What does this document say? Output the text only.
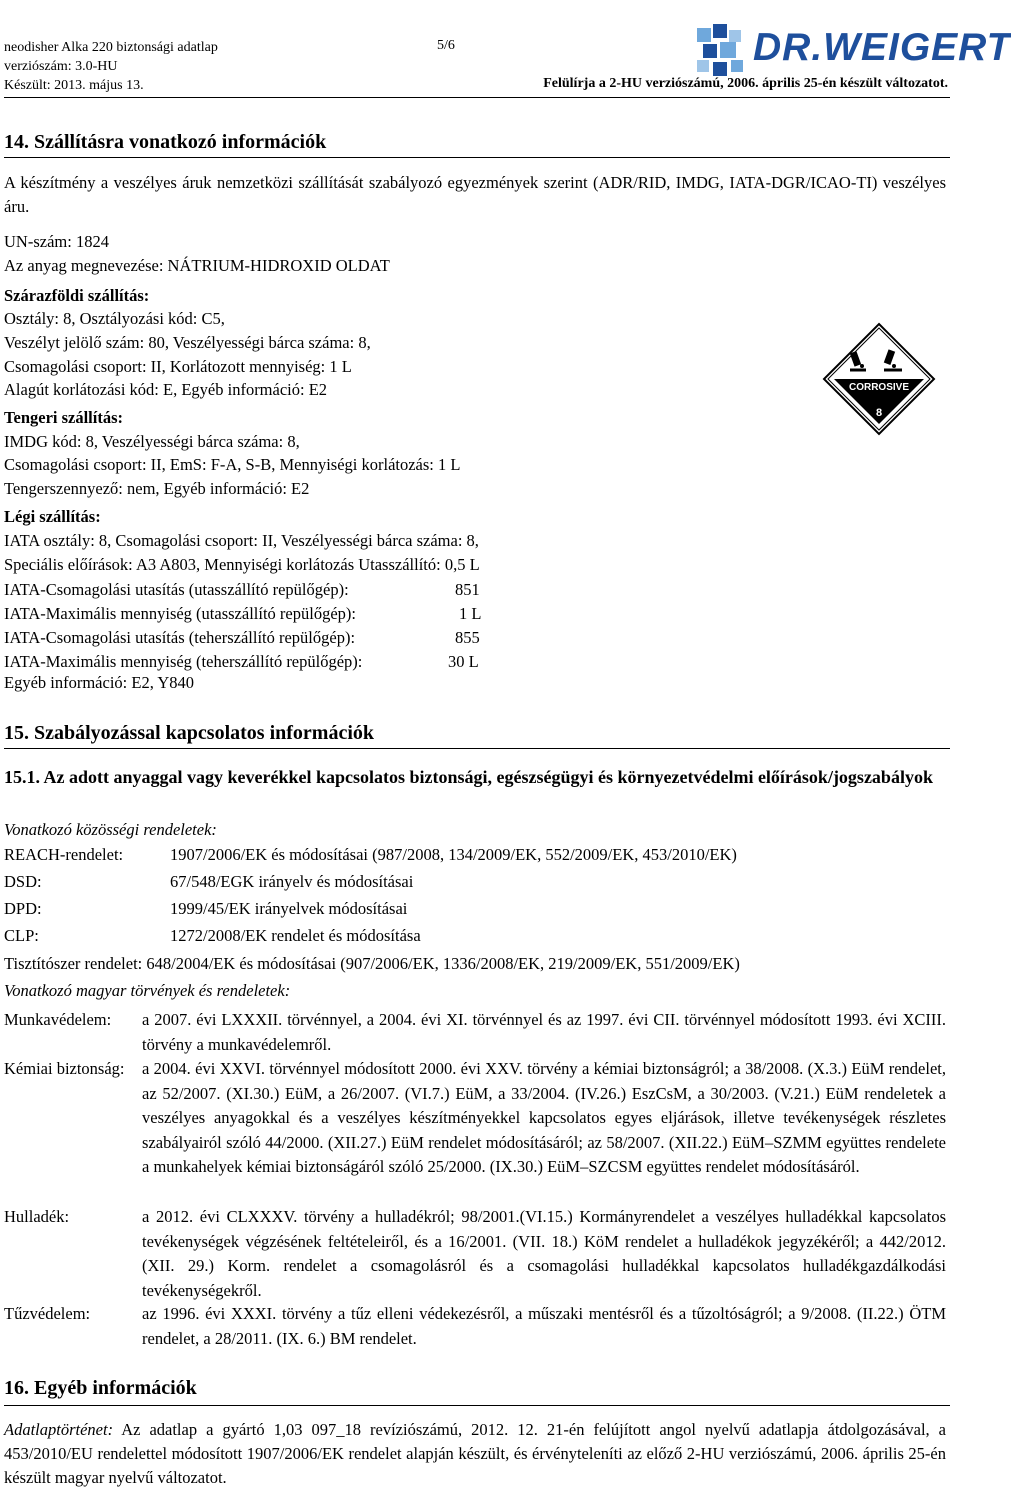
neodisher Alka 220 biztonsági adatlap
verziószám: 3.0-HU
Készült: 2013. május 13.
5/6
Felülírja a 2-HU verziószámú, 2006. április 25-én készült változatot.
DR.WEIGERT
14. Szállításra vonatkozó információk
A készítmény a veszélyes áruk nemzetközi szállítását szabályozó egyezmények szerint (ADR/RID, IMDG, IATA-DGR/ICAO-TI) veszélyes áru.
UN-szám: 1824
Az anyag megnevezése: NÁTRIUM-HIDROXID OLDAT
Szárazföldi szállítás:
Osztály: 8, Osztályozási kód: C5,
Veszélyt jelölő szám: 80, Veszélyességi bárca száma: 8,
Csomagolási csoport: II, Korlátozott mennyiség: 1 L
Alagút korlátozási kód: E, Egyéb információ: E2
Tengeri szállítás:
IMDG kód: 8, Veszélyességi bárca száma: 8,
Csomagolási csoport: II, EmS: F-A, S-B, Mennyiségi korlátozás: 1 L
Tengerszennyező: nem, Egyéb információ: E2
Légi szállítás:
IATA osztály: 8, Csomagolási csoport: II, Veszélyességi bárca száma: 8,
Speciális előírások: A3 A803, Mennyiségi korlátozás Utasszállító: 0,5 L
IATA-Csomagolási utasítás (utasszállító repülőgép):	851
IATA-Maximális mennyiség (utasszállító repülőgép):	1 L
IATA-Csomagolási utasítás (teherszállító repülőgép):	855
IATA-Maximális mennyiség (teherszállító repülőgép):	30 L
Egyéb információ: E2, Y840
CORROSIVE
8
15. Szabályozással kapcsolatos információk
15.1. Az adott anyaggal vagy keverékkel kapcsolatos biztonsági, egészségügyi és környezetvédelmi előírások/jogszabályok
Vonatkozó közösségi rendeletek:
REACH-rendelet:	1907/2006/EK és módosításai (987/2008, 134/2009/EK, 552/2009/EK, 453/2010/EK)
DSD:	67/548/EGK irányelv és módosításai
DPD:	1999/45/EK irányelvek módosításai
CLP:	1272/2008/EK rendelet és módosítása
Tisztítószer rendelet: 648/2004/EK és módosításai (907/2006/EK, 1336/2008/EK, 219/2009/EK, 551/2009/EK)
Vonatkozó magyar törvények és rendeletek:
Munkavédelem: a 2007. évi LXXXII. törvénnyel, a 2004. évi XI. törvénnyel és az 1997. évi CII. törvénnyel módosított 1993. évi XCIII. törvény a munkavédelemről.
Kémiai biztonság: a 2004. évi XXVI. törvénnyel módosított 2000. évi XXV. törvény a kémiai biztonságról; a 38/2008. (X.3.) EüM rendelet, az 52/2007. (XI.30.) EüM, a 26/2007. (VI.7.) EüM, a 33/2004. (IV.26.) EszCsM, a 30/2003. (V.21.) EüM rendeletek a veszélyes anyagokkal és a veszélyes készítményekkel kapcsolatos egyes eljárások, illetve tevékenységek részletes szabályairól szóló 44/2000. (XII.27.) EüM rendelet módosításáról; az 58/2007. (XII.22.) EüM–SZMM együttes rendelete a munkahelyek kémiai biztonságáról szóló 25/2000. (IX.30.) EüM–SZCSM együttes rendelet módosításáról.
Hulladék:	a 2012. évi CLXXXV. törvény a hulladékról; 98/2001.(VI.15.) Kormányrendelet a veszélyes hulladékkal kapcsolatos tevékenységek végzésének feltételeiről, és a 16/2001. (VII. 18.) KöM rendelet a hulladékok jegyzékéről; a 442/2012. (XII. 29.) Korm. rendelet a csomagolásról és a csomagolási hulladékkal kapcsolatos hulladékgazdálkodási tevékenységekről.
Tűzvédelem:	az 1996. évi XXXI. törvény a tűz elleni védekezésről, a műszaki mentésről és a tűzoltóságról; a 9/2008. (II.22.) ÖTM rendelet, a 28/2011. (IX. 6.) BM rendelet.
16. Egyéb információk
Adatlaptörténet: Az adatlap a gyártó 1,03 097_18 revíziószámú, 2012. 12. 21-én felújított angol nyelvű adatlapja átdolgozásával, a 453/2010/EU rendelettel módosított 1907/2006/EK rendelet alapján készült, és érvényteleníti az előző 2-HU verziószámú, 2006. április 25-én készült magyar nyelvű változatot.
